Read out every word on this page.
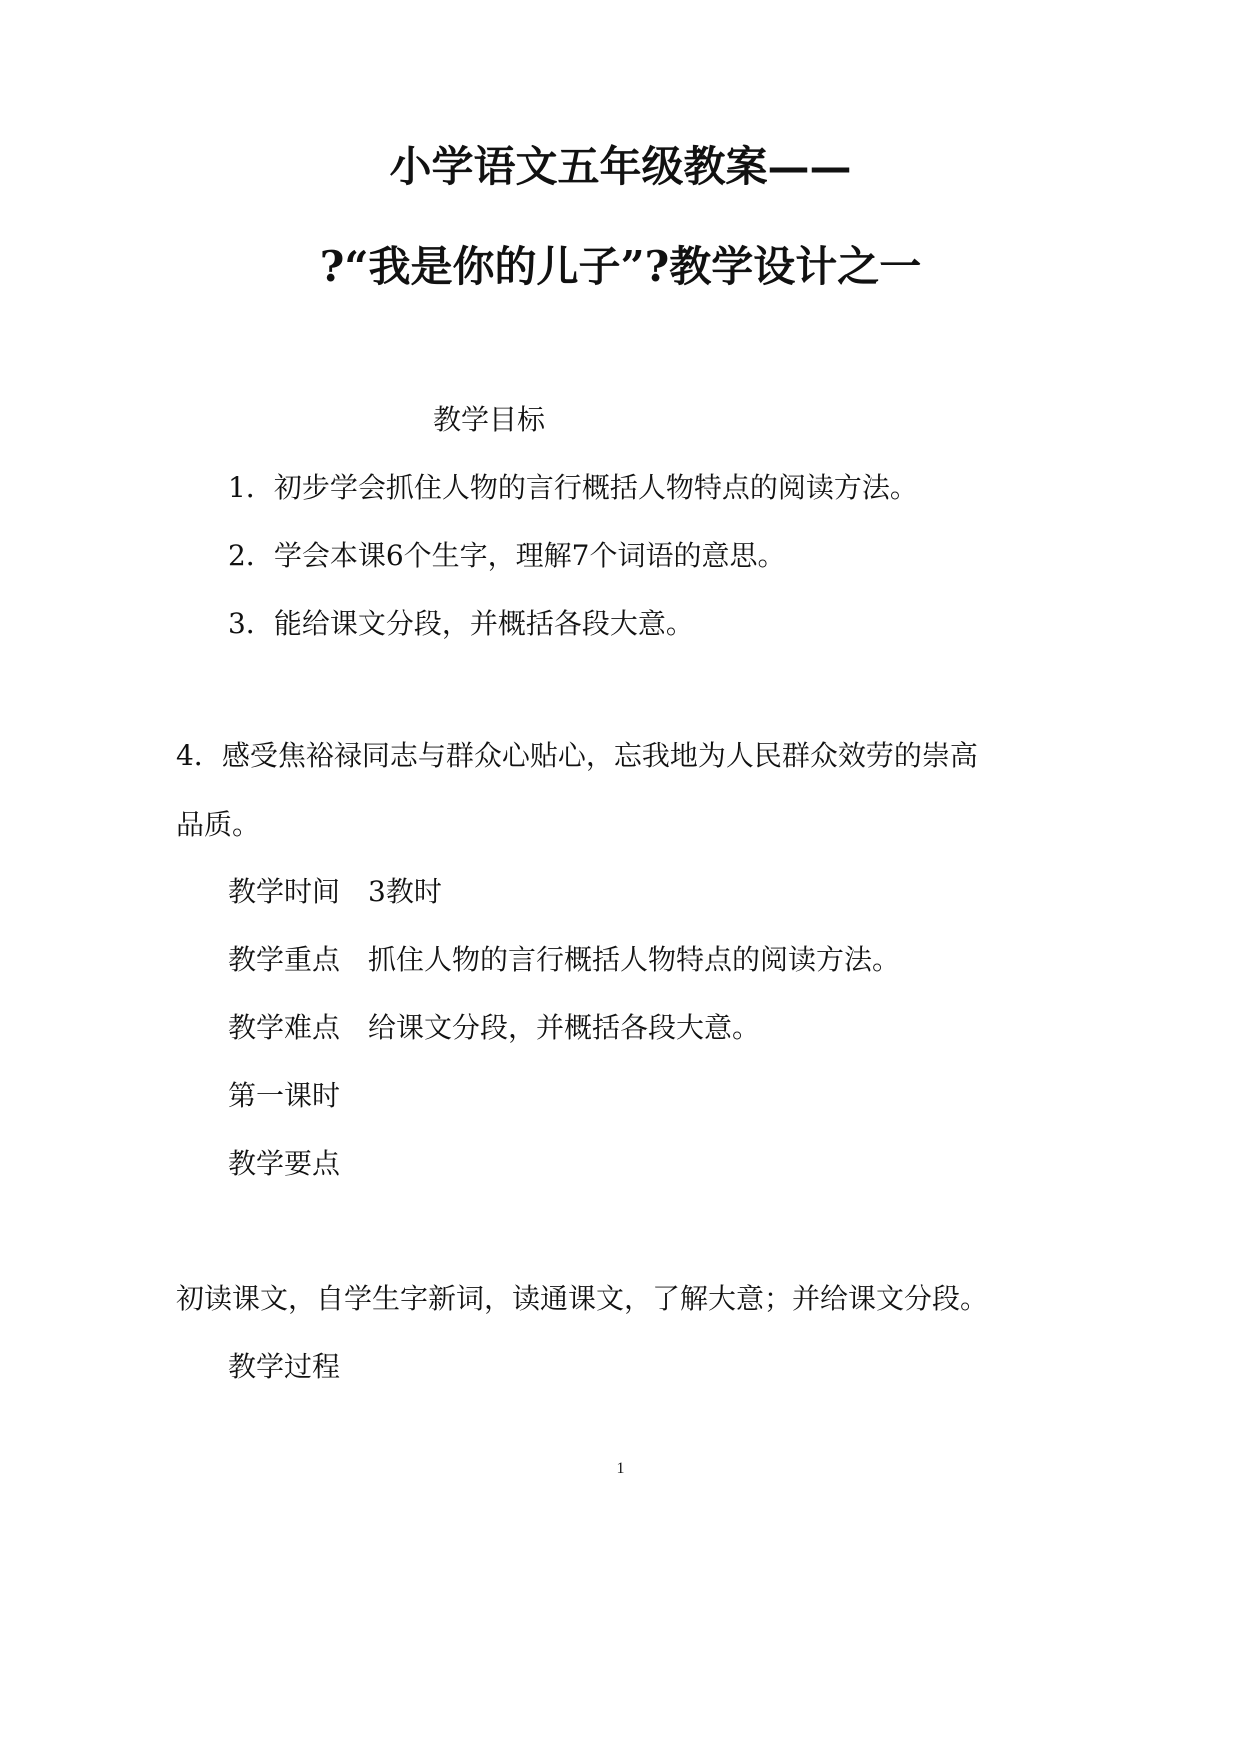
小学语文五年级教案——
?“我是你的儿子”?教学设计之一
教学目标
1．初步学会抓住人物的言行概括人物特点的阅读方法。
2．学会本课6个生字，理解7个词语的意思。
3．能给课文分段，并概括各段大意。
4．感受焦裕禄同志与群众心贴心，忘我地为人民群众效劳的崇高
品质。
教学时间 3教时
教学重点 抓住人物的言行概括人物特点的阅读方法。
教学难点 给课文分段，并概括各段大意。
第一课时
教学要点
初读课文，自学生字新词，读通课文，了解大意；并给课文分段。
教学过程
1
